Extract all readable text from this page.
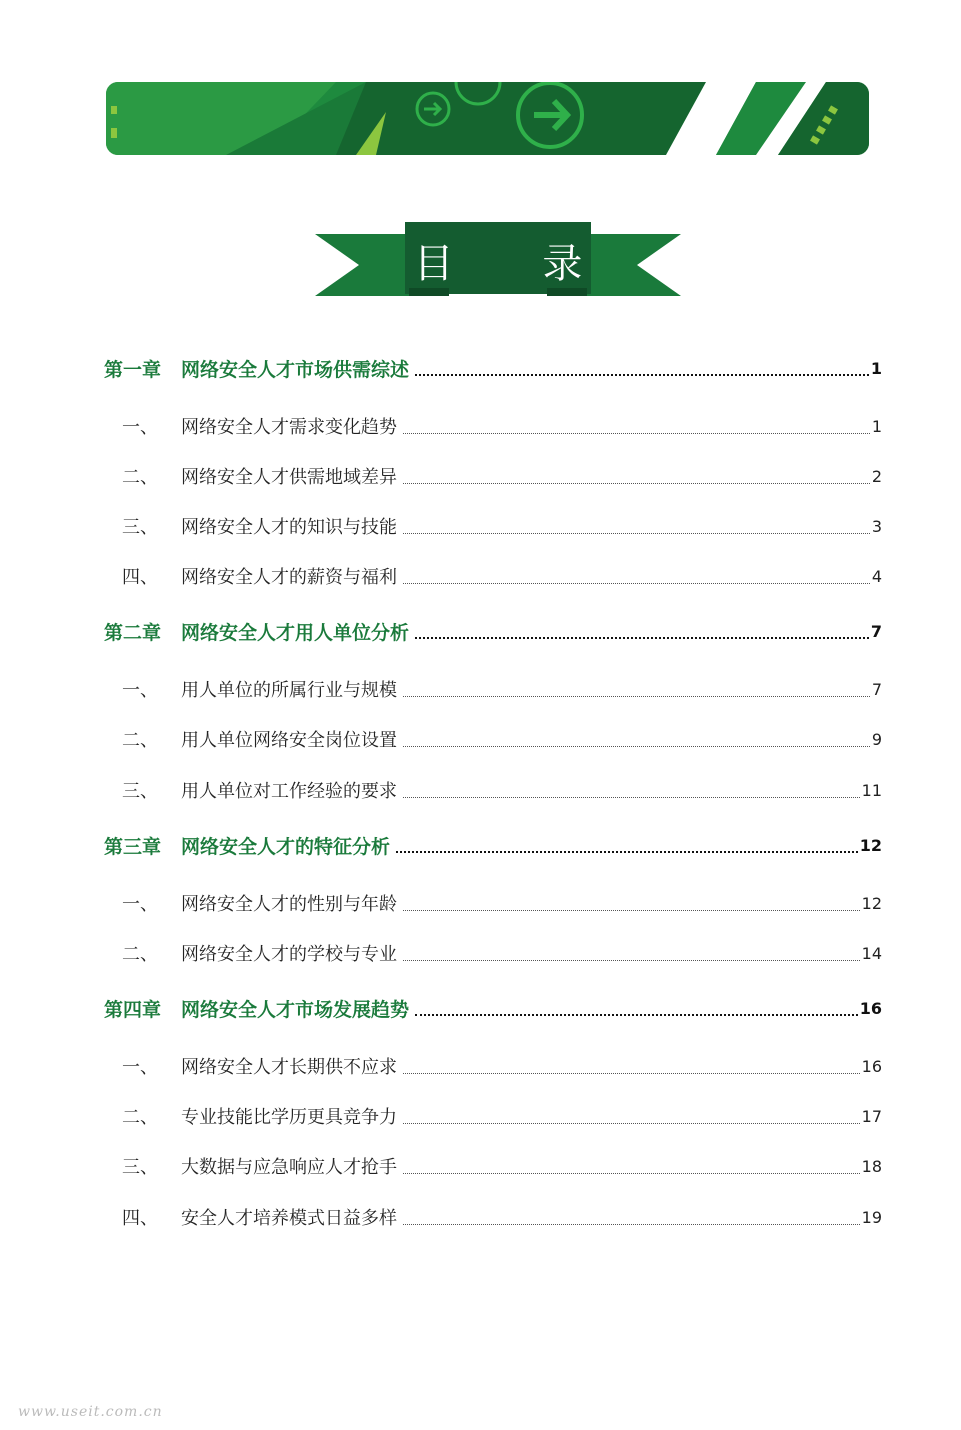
目 录
第一章	网络安全人才市场供需综述	1
一、	网络安全人才需求变化趋势	1
二、	网络安全人才供需地域差异	2
三、	网络安全人才的知识与技能	3
四、	网络安全人才的薪资与福利	4
第二章	网络安全人才用人单位分析	7
一、	用人单位的所属行业与规模	7
二、	用人单位网络安全岗位设置	9
三、	用人单位对工作经验的要求	11
第三章	网络安全人才的特征分析	12
一、	网络安全人才的性别与年龄	12
二、	网络安全人才的学校与专业	14
第四章	网络安全人才市场发展趋势	16
一、	网络安全人才长期供不应求	16
二、	专业技能比学历更具竞争力	17
三、	大数据与应急响应人才抢手	18
四、	安全人才培养模式日益多样	19
www.useit.com.cn
